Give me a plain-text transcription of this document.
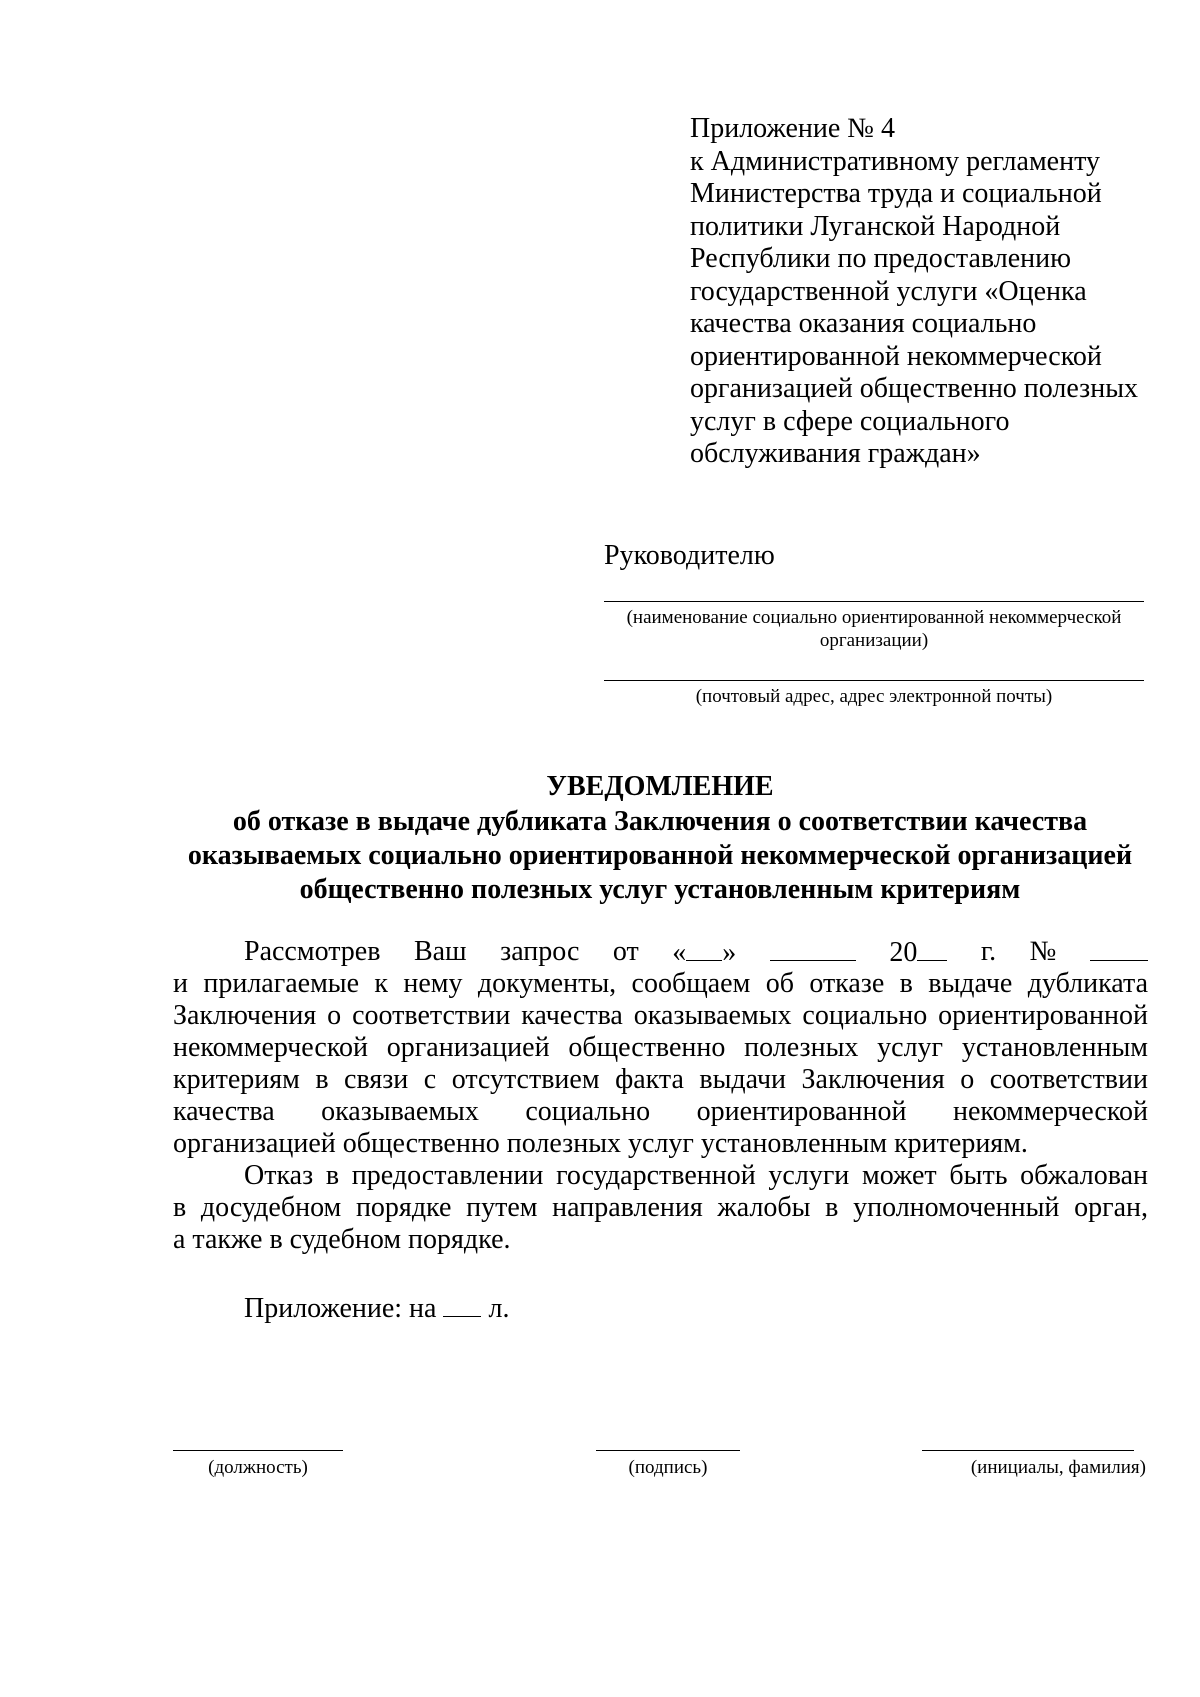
Приложение № 4
к Административному регламенту
Министерства труда и социальной
политики Луганской Народной
Республики по предоставлению
государственной услуги «Оценка
качества оказания социально
ориентированной некоммерческой
организацией общественно полезных
услуг в сфере социального
обслуживания граждан»
Руководителю
(наименование социально ориентированной некоммерческой
организации)
(почтовый адрес, адрес электронной почты)
УВЕДОМЛЕНИЕ
об отказе в выдаче дубликата Заключения о соответствии качества
оказываемых социально ориентированной некоммерческой организацией
общественно полезных услуг установленным критериям
Рассмотрев Ваш запрос от « »	20	г. №
и прилагаемые к нему документы, сообщаем об отказе в выдаче дубликата
Заключения о соответствии качества оказываемых социально ориентированной
некоммерческой организацией общественно полезных услуг установленным
критериям в связи с отсутствием факта выдачи Заключения о соответствии
качества оказываемых социально ориентированной некоммерческой
организацией общественно полезных услуг установленным критериям.
Отказ в предоставлении государственной услуги может быть обжалован
в досудебном порядке путем направления жалобы в уполномоченный орган,
а также в судебном порядке.
Приложение: на л.
(должность)	(подпись)	(инициалы, фамилия)
